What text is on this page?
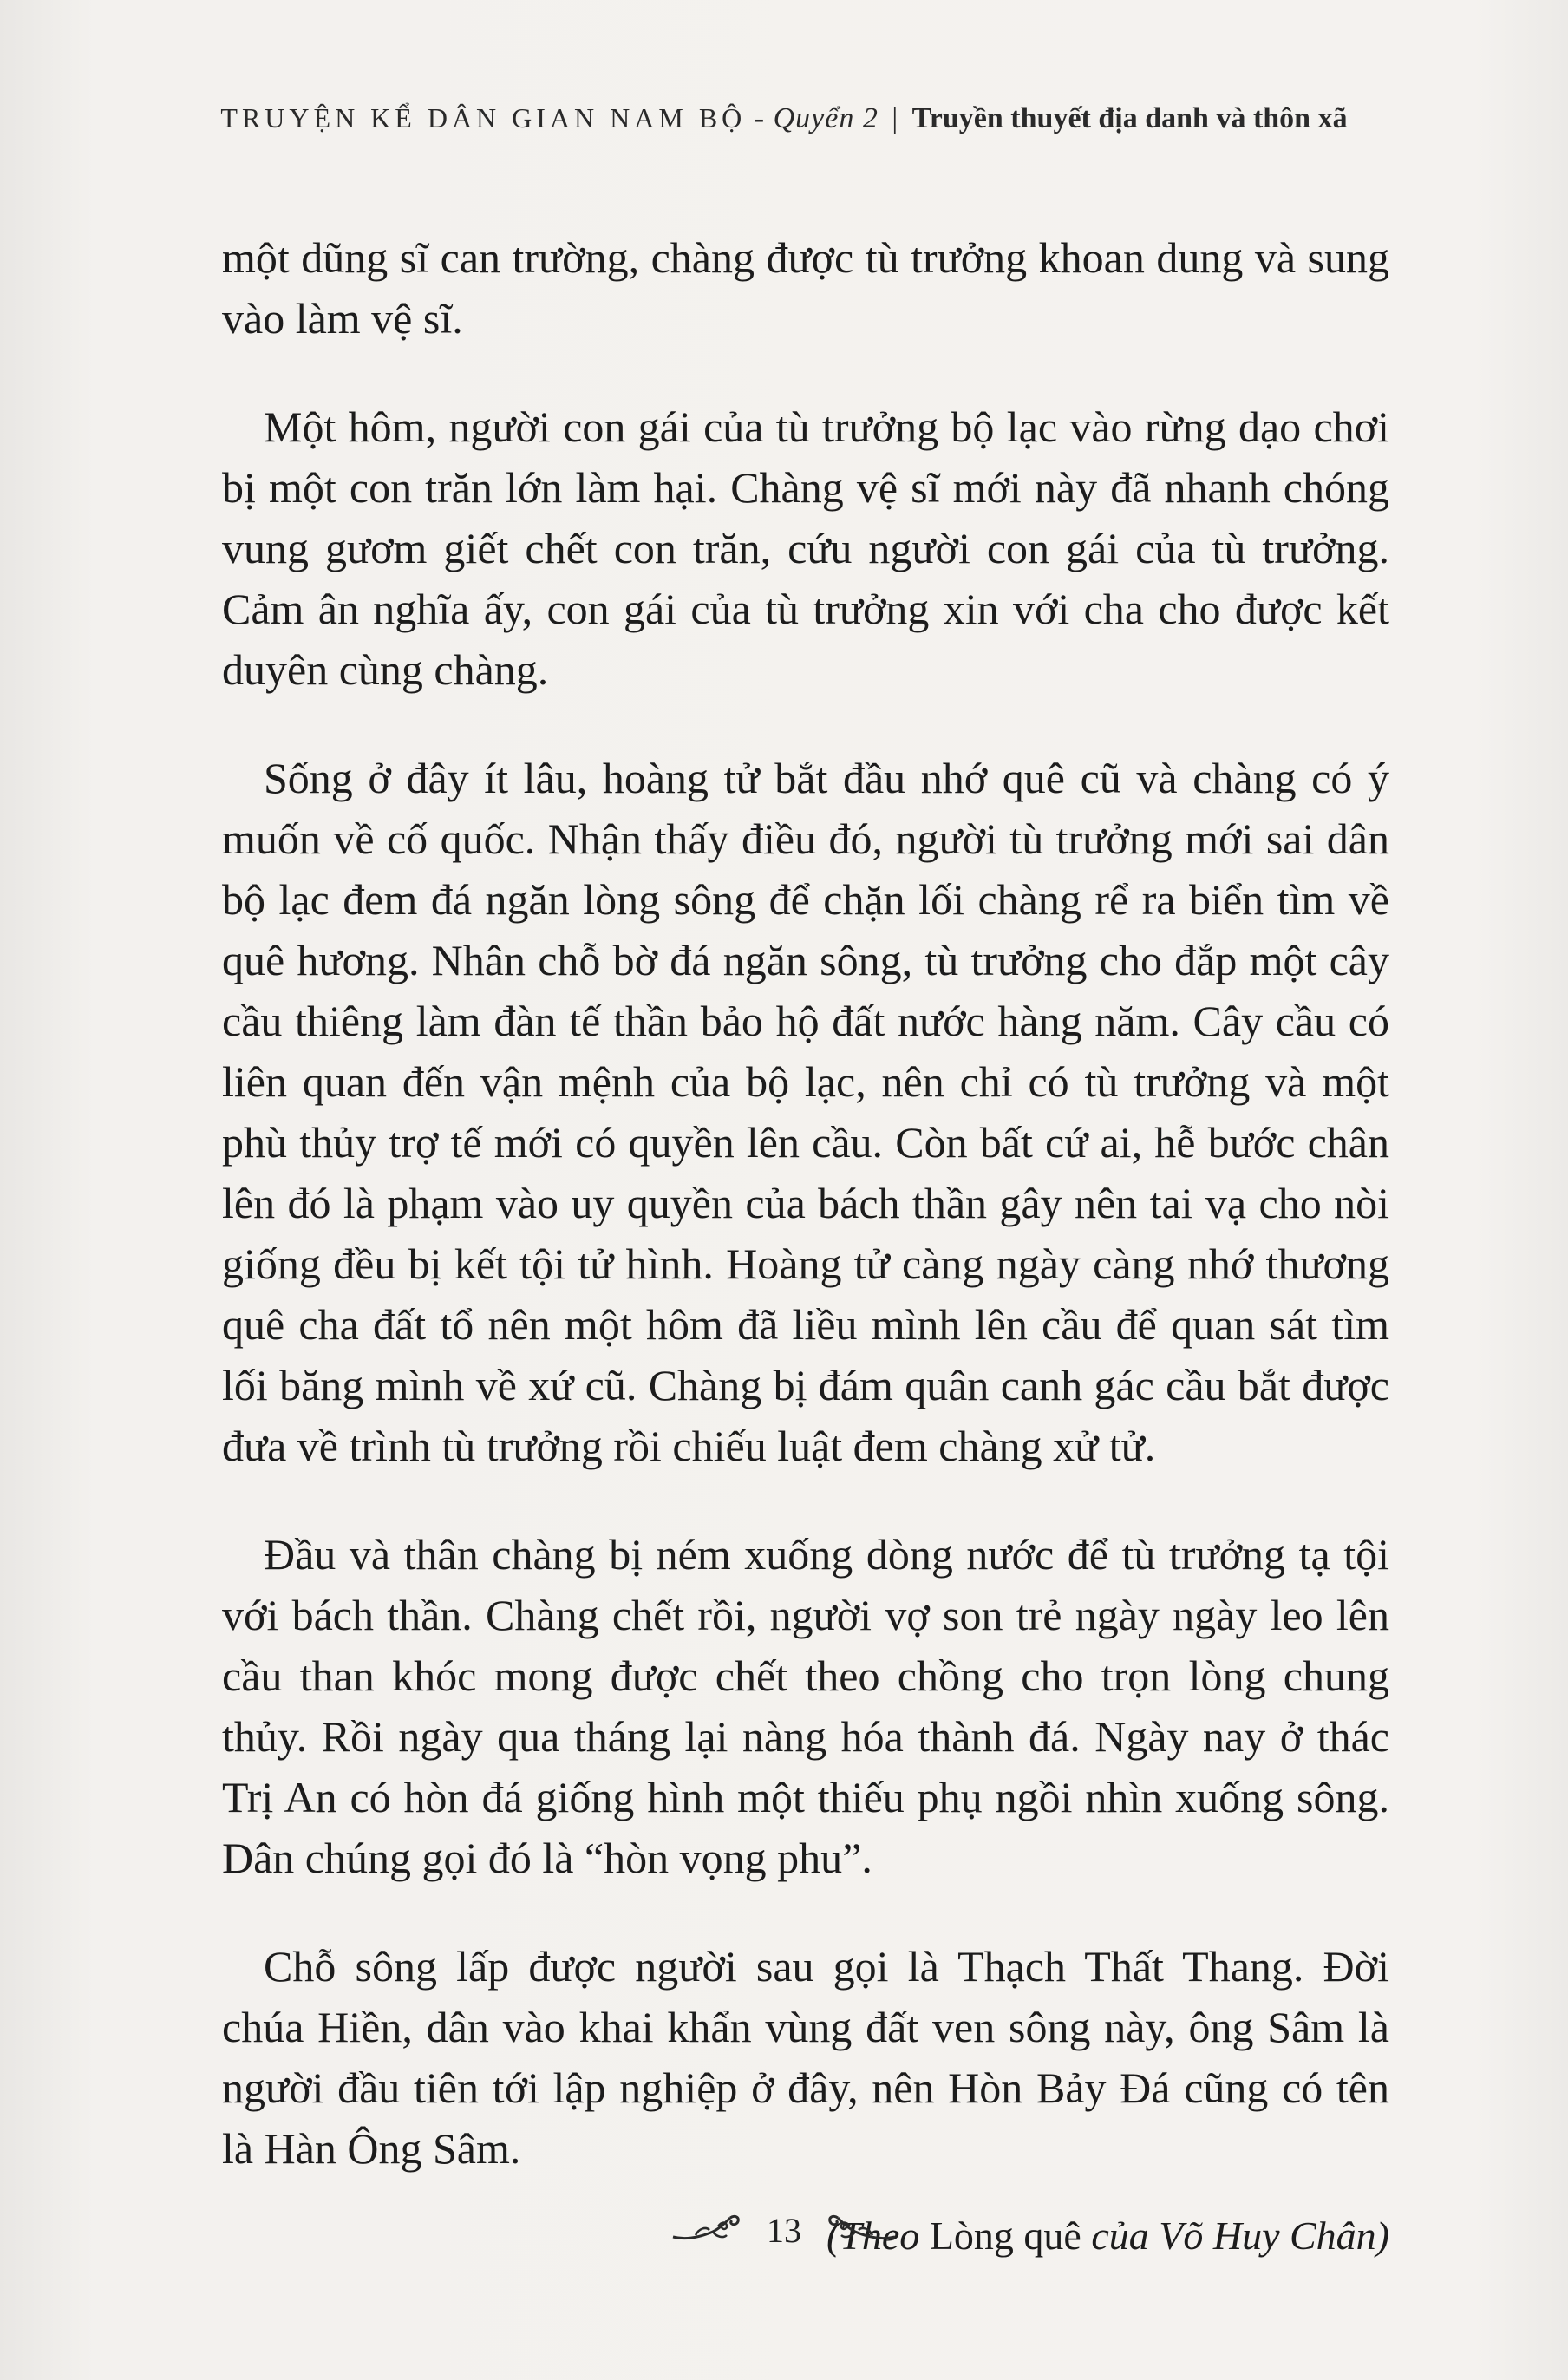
TRUYỆN KỂ DÂN GIAN NAM BỘ - Quyển 2 | Truyền thuyết địa danh và thôn xã

một dũng sĩ can trường, chàng được tù trưởng khoan dung và sung vào làm vệ sĩ.

Một hôm, người con gái của tù trưởng bộ lạc vào rừng dạo chơi bị một con trăn lớn làm hại. Chàng vệ sĩ mới này đã nhanh chóng vung gươm giết chết con trăn, cứu người con gái của tù trưởng. Cảm ân nghĩa ấy, con gái của tù trưởng xin với cha cho được kết duyên cùng chàng.

Sống ở đây ít lâu, hoàng tử bắt đầu nhớ quê cũ và chàng có ý muốn về cố quốc. Nhận thấy điều đó, người tù trưởng mới sai dân bộ lạc đem đá ngăn lòng sông để chặn lối chàng rể ra biển tìm về quê hương. Nhân chỗ bờ đá ngăn sông, tù trưởng cho đắp một cây cầu thiêng làm đàn tế thần bảo hộ đất nước hàng năm. Cây cầu có liên quan đến vận mệnh của bộ lạc, nên chỉ có tù trưởng và một phù thủy trợ tế mới có quyền lên cầu. Còn bất cứ ai, hễ bước chân lên đó là phạm vào uy quyền của bách thần gây nên tai vạ cho nòi giống đều bị kết tội tử hình. Hoàng tử càng ngày càng nhớ thương quê cha đất tổ nên một hôm đã liều mình lên cầu để quan sát tìm lối băng mình về xứ cũ. Chàng bị đám quân canh gác cầu bắt được đưa về trình tù trưởng rồi chiếu luật đem chàng xử tử.

Đầu và thân chàng bị ném xuống dòng nước để tù trưởng tạ tội với bách thần. Chàng chết rồi, người vợ son trẻ ngày ngày leo lên cầu than khóc mong được chết theo chồng cho trọn lòng chung thủy. Rồi ngày qua tháng lại nàng hóa thành đá. Ngày nay ở thác Trị An có hòn đá giống hình một thiếu phụ ngồi nhìn xuống sông. Dân chúng gọi đó là “hòn vọng phu”.

Chỗ sông lấp được người sau gọi là Thạch Thất Thang. Đời chúa Hiền, dân vào khai khẩn vùng đất ven sông này, ông Sâm là người đầu tiên tới lập nghiệp ở đây, nên Hòn Bảy Đá cũng có tên là Hàn Ông Sâm.

(Theo Lòng quê của Võ Huy Chân)
13
